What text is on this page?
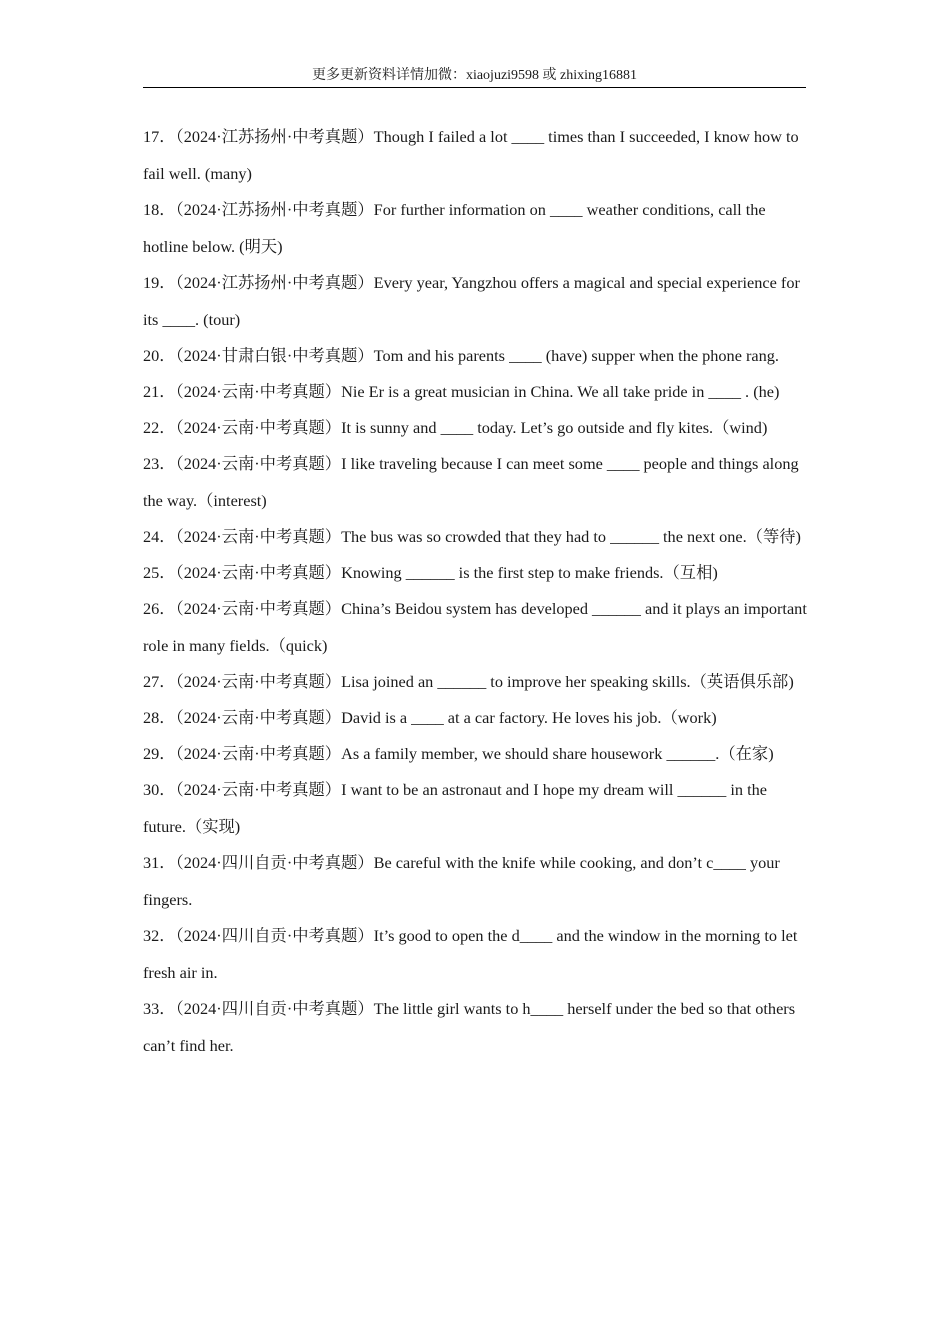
更多更新资料详情加微：xiaojuzi9598 或 zhixing16881

17．（2024·江苏扬州·中考真题）Though I failed a lot ____ times than I succeeded, I know how to fail well. (many)

18．（2024·江苏扬州·中考真题）For further information on ____ weather conditions, call the hotline below. (明天)

19．（2024·江苏扬州·中考真题）Every year, Yangzhou offers a magical and special experience for its ____. (tour)

20．（2024·甘肃白银·中考真题）Tom and his parents ____ (have) supper when the phone rang.

21．（2024·云南·中考真题）Nie Er is a great musician in China. We all take pride in ____ . (he)

22．（2024·云南·中考真题）It is sunny and ____ today. Let’s go outside and fly kites.（wind)

23．（2024·云南·中考真题）I like traveling because I can meet some ____ people and things along the way.（interest)

24．（2024·云南·中考真题）The bus was so crowded that they had to ______ the next one.（等待)

25．（2024·云南·中考真题）Knowing ______ is the first step to make friends.（互相)

26．（2024·云南·中考真题）China’s Beidou system has developed ______ and it plays an important role in many fields.（quick)

27．（2024·云南·中考真题）Lisa joined an ______ to improve her speaking skills.（英语俱乐部)

28．（2024·云南·中考真题）David is a ____ at a car factory. He loves his job.（work)

29．（2024·云南·中考真题）As a family member, we should share housework ______.（在家)

30．（2024·云南·中考真题）I want to be an astronaut and I hope my dream will ______ in the future.（实现)

31．（2024·四川自贡·中考真题）Be careful with the knife while cooking, and don’t c____ your fingers.

32．（2024·四川自贡·中考真题）It’s good to open the d____ and the window in the morning to let fresh air in.

33．（2024·四川自贡·中考真题）The little girl wants to h____ herself under the bed so that others can’t find her.
